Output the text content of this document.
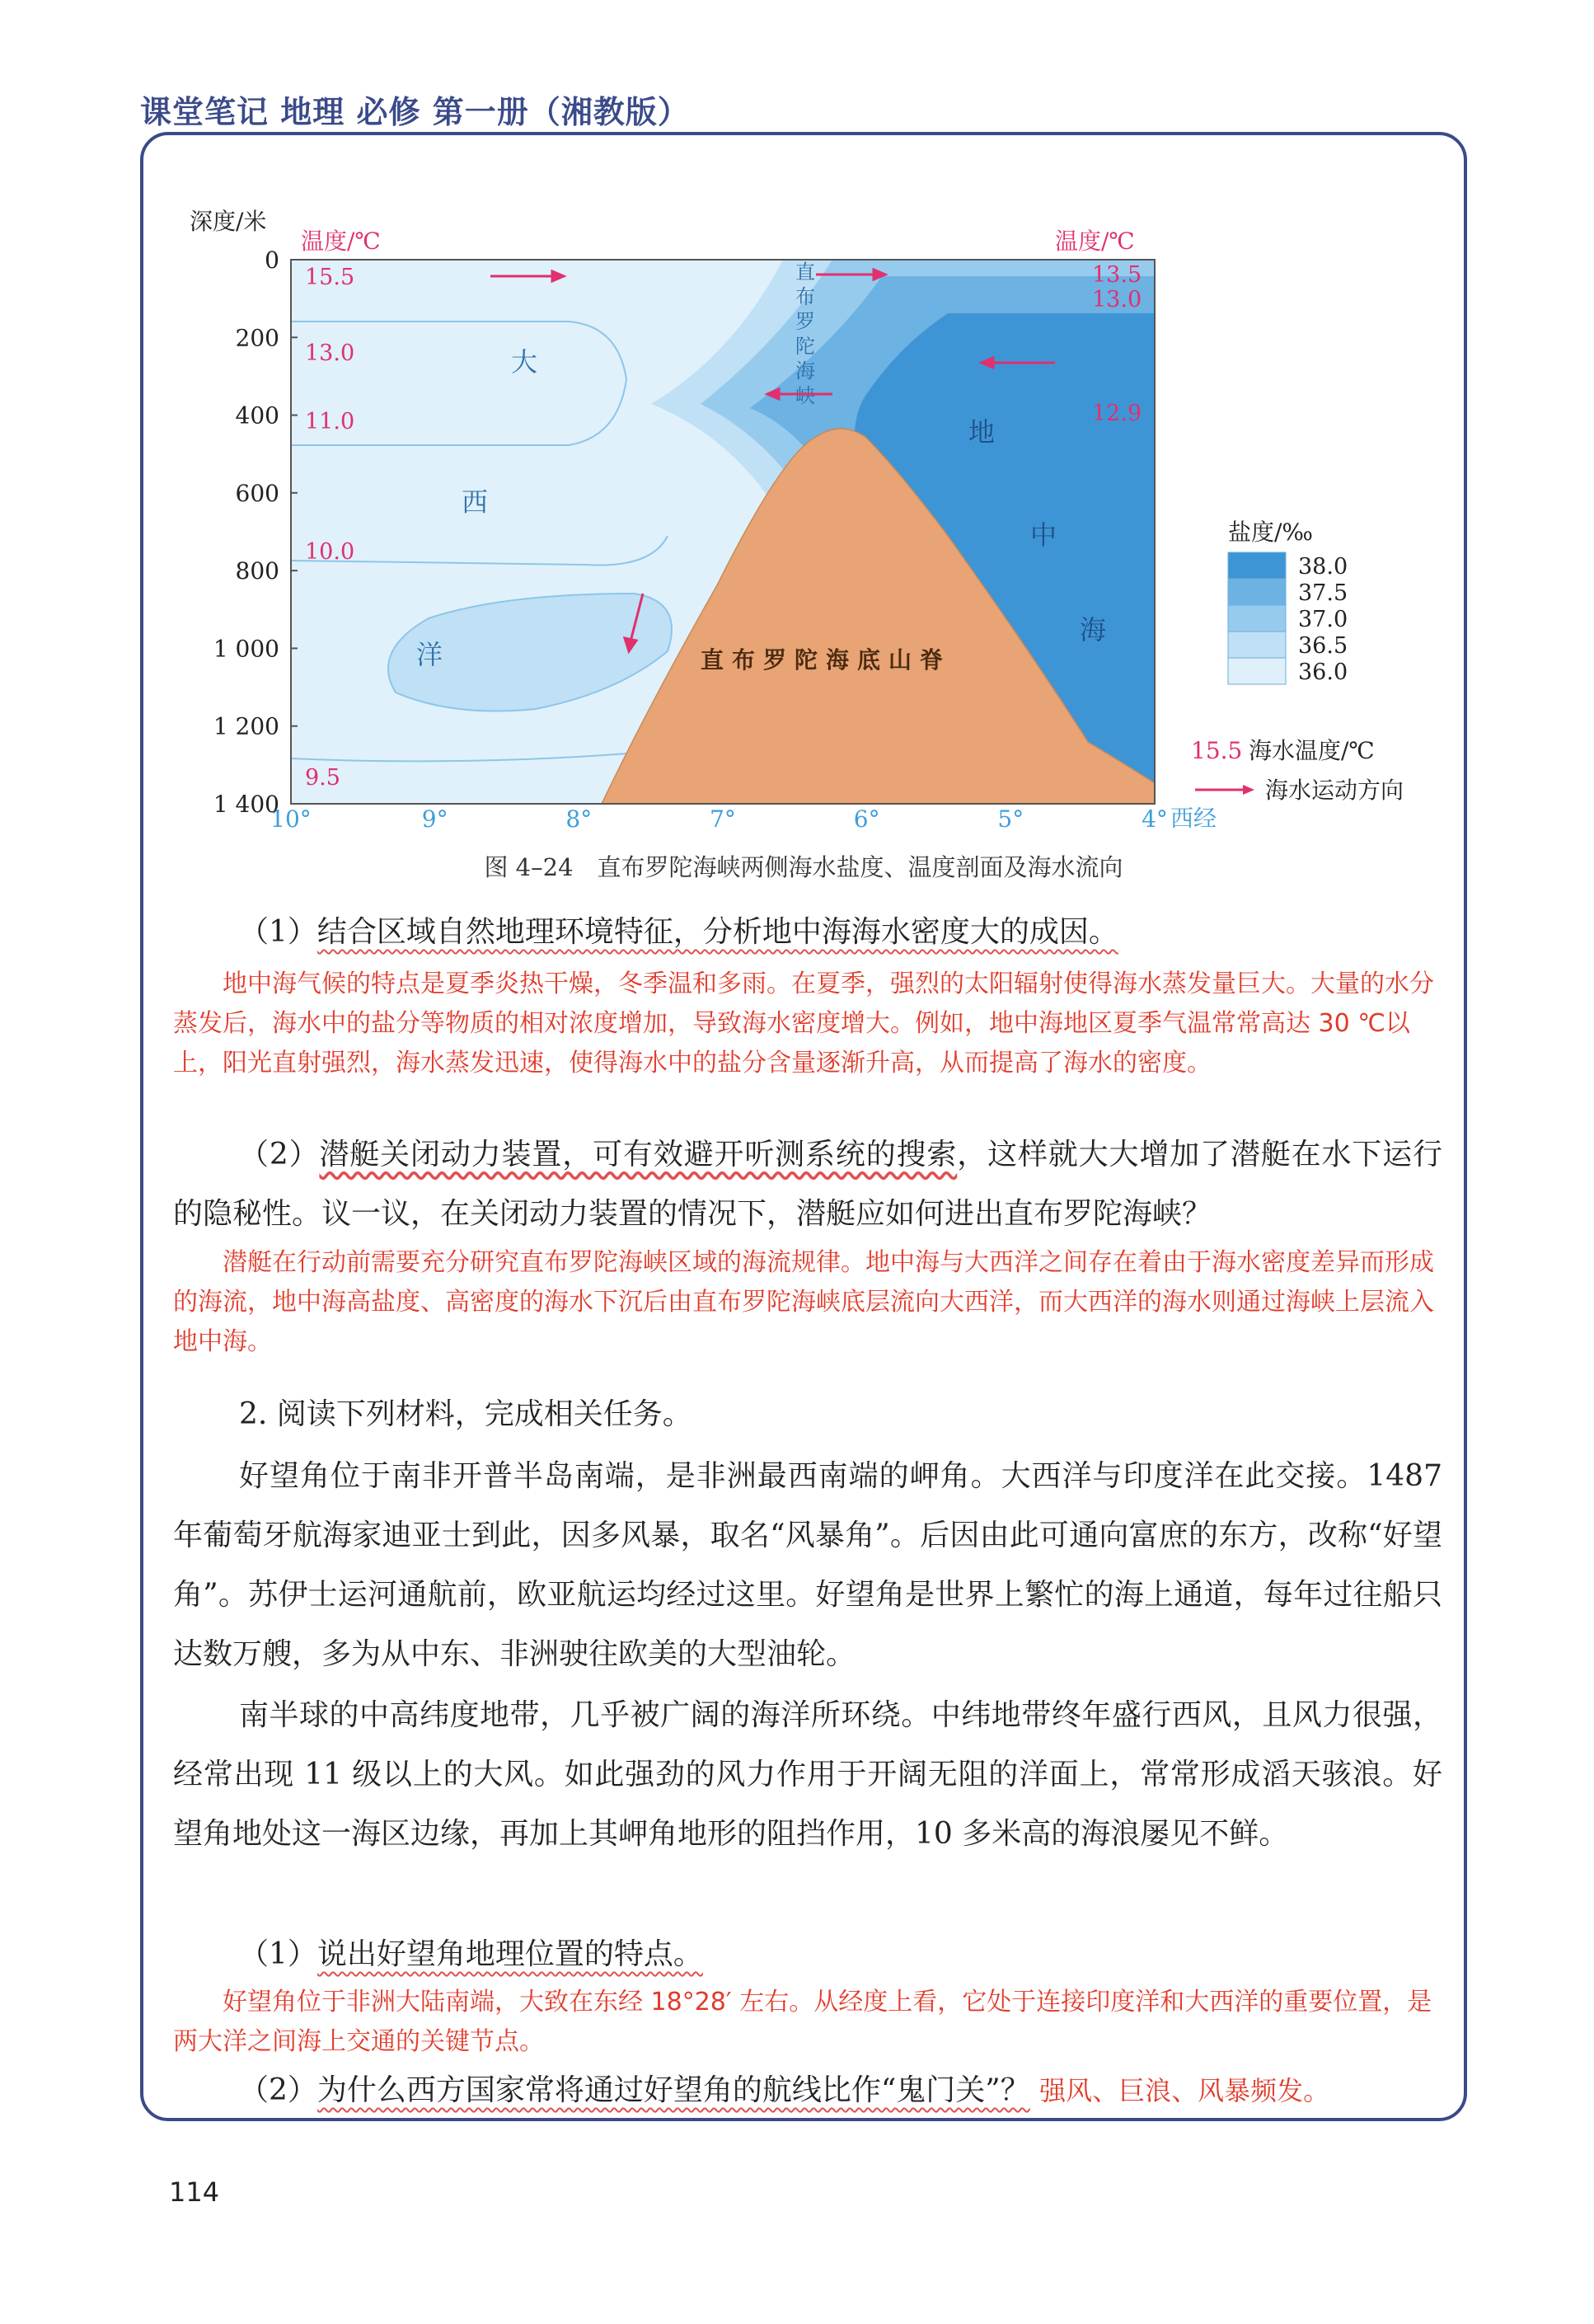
课堂笔记 地理 必修 第一册（湘教版）
0
200
400
600
800
1 000
1 200
1 400
10°	9°	8°	7°	6°	5°	4°
深度/米
温度/℃	温度/℃
西经
15.5
13.0
11.0
10.0
9.5
13.5
13.0
12.9
大
西
洋
地
中
海
直
布
罗
陀
海
峡
直布罗陀海底山脊
盐度/‰
38.0
37.5
37.0
36.5
36.0
15.5 海水温度/℃
海水运动方向
图 4–24　直布罗陀海峡两侧海水盐度、温度剖面及海水流向
（1）结合区域自然地理环境特征，分析地中海海水密度大的成因。
地中海气候的特点是夏季炎热干燥，冬季温和多雨。在夏季，强烈的太阳辐射使得海水蒸发量巨大。大量的水分蒸发后，海水中的盐分等物质的相对浓度增加，导致海水密度增大。例如，地中海地区夏季气温常常高达 30 ℃以上，阳光直射强烈，海水蒸发迅速，使得海水中的盐分含量逐渐升高，从而提高了海水的密度。
（2）潜艇关闭动力装置，可有效避开听测系统的搜索，这样就大大增加了潜艇在水下运行的隐秘性。议一议，在关闭动力装置的情况下，潜艇应如何进出直布罗陀海峡？
潜艇在行动前需要充分研究直布罗陀海峡区域的海流规律。地中海与大西洋之间存在着由于海水密度差异而形成的海流，地中海高盐度、高密度的海水下沉后由直布罗陀海峡底层流向大西洋，而大西洋的海水则通过海峡上层流入地中海。
2. 阅读下列材料，完成相关任务。
好望角位于南非开普半岛南端，是非洲最西南端的岬角。大西洋与印度洋在此交接。1487 年葡萄牙航海家迪亚士到此，因多风暴，取名“风暴角”。后因由此可通向富庶的东方，改称“好望角”。苏伊士运河通航前，欧亚航运均经过这里。好望角是世界上繁忙的海上通道，每年过往船只达数万艘，多为从中东、非洲驶往欧美的大型油轮。
南半球的中高纬度地带，几乎被广阔的海洋所环绕。中纬地带终年盛行西风，且风力很强，经常出现 11 级以上的大风。如此强劲的风力作用于开阔无阻的洋面上，常常形成滔天骇浪。好望角地处这一海区边缘，再加上其岬角地形的阻挡作用，10 多米高的海浪屡见不鲜。
（1）说出好望角地理位置的特点。
好望角位于非洲大陆南端，大致在东经 18°28′ 左右。从经度上看，它处于连接印度洋和大西洋的重要位置，是两大洋之间海上交通的关键节点。
（2）为什么西方国家常将通过好望角的航线比作“鬼门关”？ 强风、巨浪、风暴频发。
114
